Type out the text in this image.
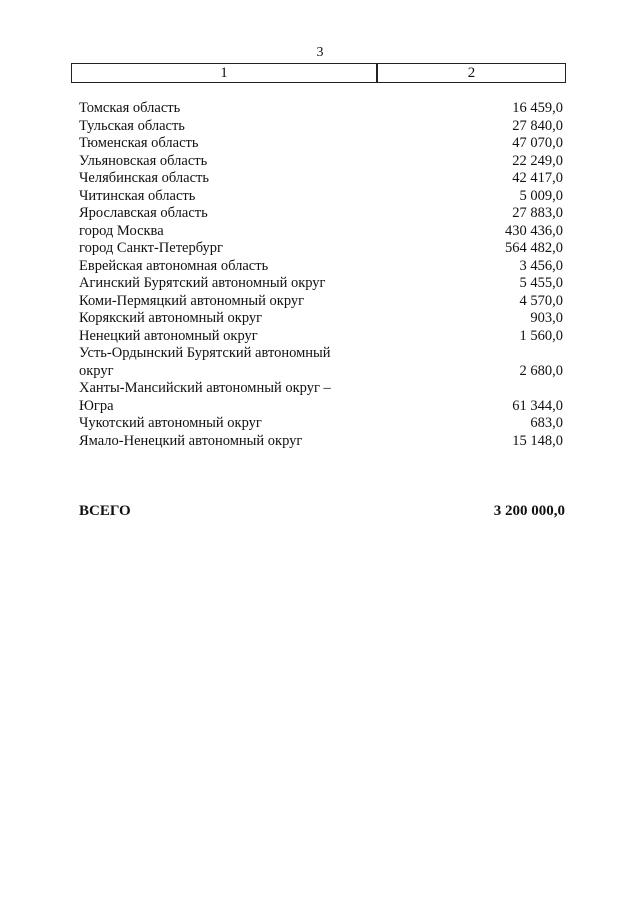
3
1	2
Томская область	16 459,0
Тульская область	27 840,0
Тюменская область	47 070,0
Ульяновская область	22 249,0
Челябинская область	42 417,0
Читинская область	5 009,0
Ярославская область	27 883,0
город Москва	430 436,0
город Санкт-Петербург	564 482,0
Еврейская автономная область	3 456,0
Агинский Бурятский автономный округ	5 455,0
Коми-Пермяцкий автономный округ	4 570,0
Корякский автономный округ	903,0
Ненецкий автономный округ	1 560,0
Усть-Ордынский Бурятский автономный округ	2 680,0
Ханты-Мансийский автономный округ – Югра	61 344,0
Чукотский автономный округ	683,0
Ямало-Ненецкий автономный округ	15 148,0
ВСЕГО	3 200 000,0
